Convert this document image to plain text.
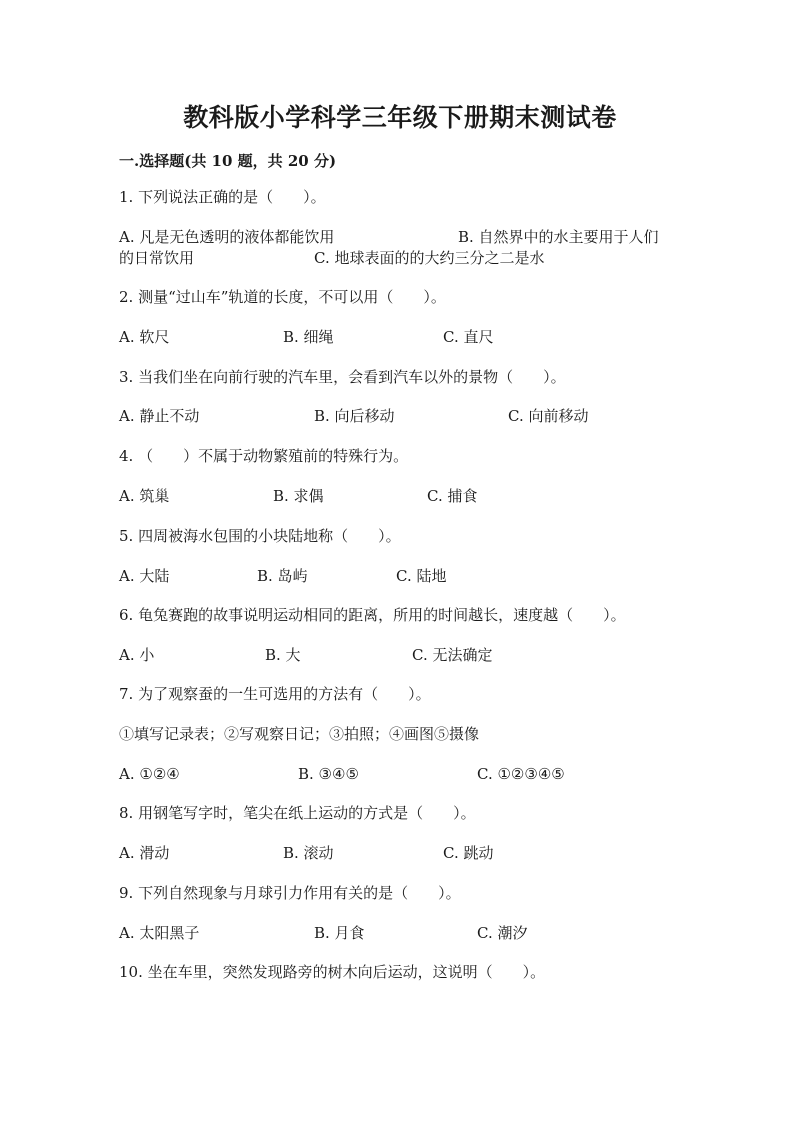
教科版小学科学三年级下册期末测试卷
一.选择题(共 10 题，共 20 分)
1. 下列说法正确的是（　　）。
A. 凡是无色透明的液体都能饮用	B. 自然界中的水主要用于人们
的日常饮用	C. 地球表面的的大约三分之二是水
2. 测量“过山车”轨道的长度，不可以用（　　）。
A. 软尺	B. 细绳	C. 直尺
3. 当我们坐在向前行驶的汽车里，会看到汽车以外的景物（　　）。
A. 静止不动	B. 向后移动	C. 向前移动
4. （　　）不属于动物繁殖前的特殊行为。
A. 筑巢	B. 求偶	C. 捕食
5. 四周被海水包围的小块陆地称（　　）。
A. 大陆	B. 岛屿	C. 陆地
6. 龟兔赛跑的故事说明运动相同的距离，所用的时间越长，速度越（　　）。
A. 小	B. 大	C. 无法确定
7. 为了观察蚕的一生可选用的方法有（　　）。
①填写记录表；②写观察日记；③拍照；④画图⑤摄像
A. ①②④	B. ③④⑤	C. ①②③④⑤
8. 用钢笔写字时，笔尖在纸上运动的方式是（　　）。
A. 滑动	B. 滚动	C. 跳动
9. 下列自然现象与月球引力作用有关的是（　　）。
A. 太阳黑子	B. 月食	C. 潮汐
10. 坐在车里，突然发现路旁的树木向后运动，这说明（　　）。
